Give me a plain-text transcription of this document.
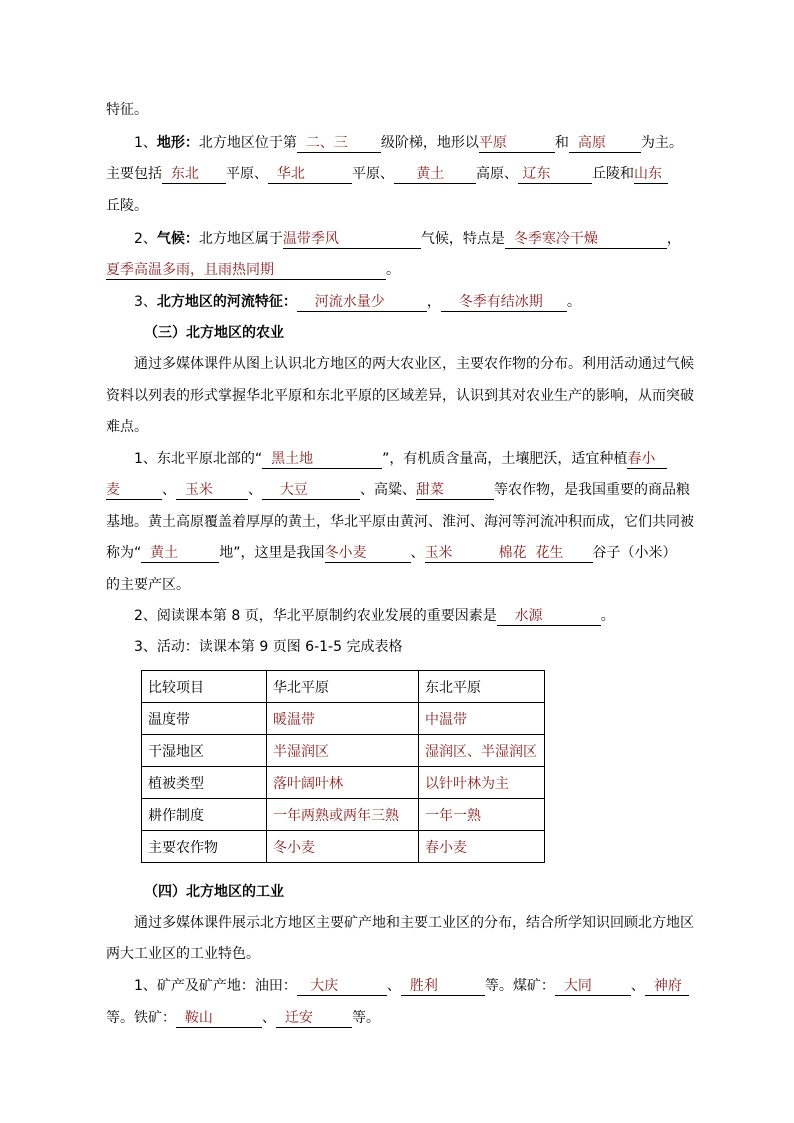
特征。
1、地形：北方地区位于第 二、三 级阶梯，地形以平原	和 高原	为主。
主要包括 东北 平原、 华北	平原、 黄土 高原、 辽东	丘陵和山东
丘陵。
2、气候：北方地区属于温带季风	气候，特点是 冬季寒冷干燥	，
夏季高温多雨，且雨热同期	。
3、北方地区的河流特征： 河流水量少	， 冬季有结冰期 。
（三）北方地区的农业
通过多媒体课件从图上认识北方地区的两大农业区，主要农作物的分布。利用活动通过气候
资料以列表的形式掌握华北平原和东北平原的区域差异，认识到其对农业生产的影响，从而突破
难点。
1、东北平原北部的“ 黑土地	”，有机质含量高，土壤肥沃，适宜种植春小
麦	、 玉米	、 大豆	、高粱、甜菜	等农作物，是我国重要的商品粮
基地。黄土高原覆盖着厚厚的黄土，华北平原由黄河、淮河、海河等河流冲积而成，它们共同被
称为“ 黄土	地”，这里是我国冬小麦	、玉米	棉花 花生 谷子（小米）
的主要产区。
2、阅读课本第 8 页，华北平原制约农业发展的重要因素是 水源	。
3、活动：读课本第 9 页图 6-1-5 完成表格
比较项目	华北平原	东北平原
温度带	暖温带	中温带
干湿地区	半湿润区	湿润区、半湿润区
植被类型	落叶阔叶林	以针叶林为主
耕作制度	一年两熟或两年三熟	一年一熟
主要农作物	冬小麦	春小麦
（四）北方地区的工业
通过多媒体课件展示北方地区主要矿产地和主要工业区的分布，结合所学知识回顾北方地区
两大工业区的工业特色。
1、矿产及矿产地：油田： 大庆	、 胜利	等。煤矿： 大同	、 神府
等。铁矿： 鞍山	、 迁安	等。
